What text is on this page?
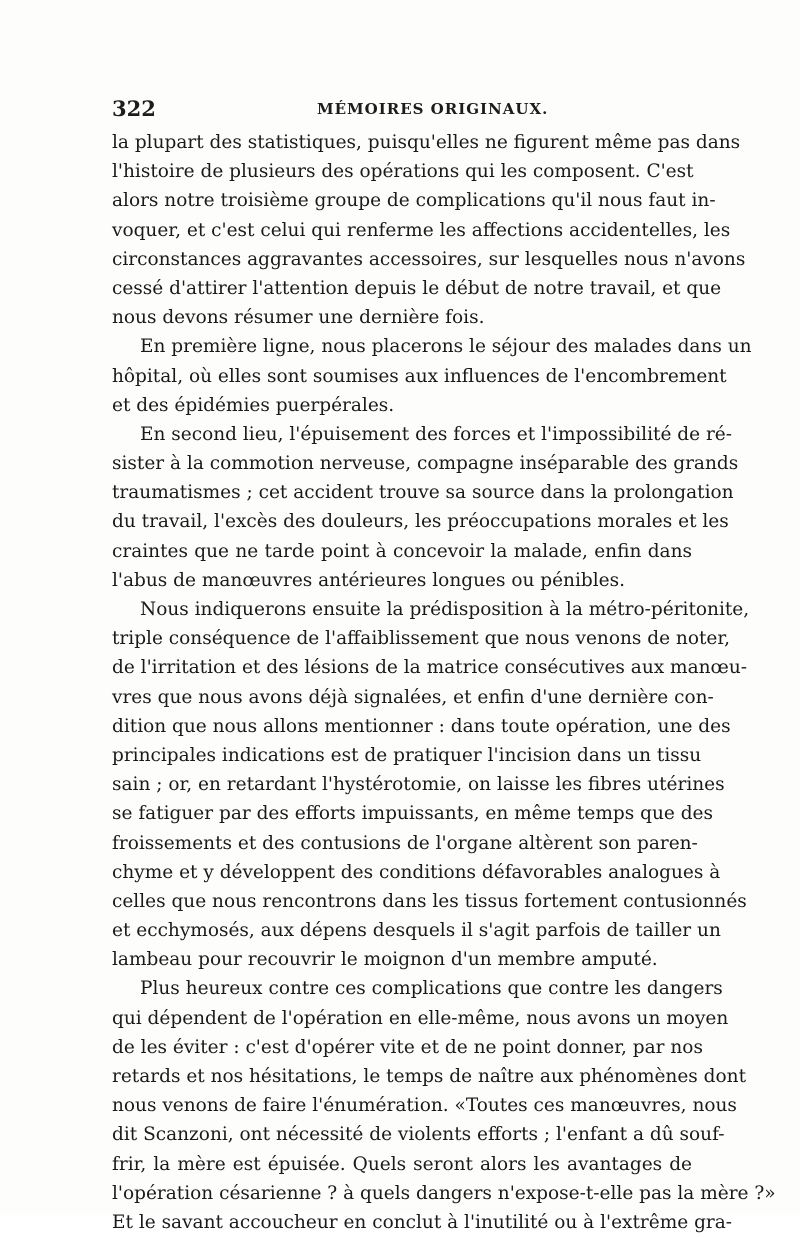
322	MÉMOIRES ORIGINAUX.
la plupart des statistiques, puisqu'elles ne figurent même pas dans
l'histoire de plusieurs des opérations qui les composent. C'est
alors notre troisième groupe de complications qu'il nous faut in-
voquer, et c'est celui qui renferme les affections accidentelles, les
circonstances aggravantes accessoires, sur lesquelles nous n'avons
cessé d'attirer l'attention depuis le début de notre travail, et que
nous devons résumer une dernière fois.
En première ligne, nous placerons le séjour des malades dans un
hôpital, où elles sont soumises aux influences de l'encombrement
et des épidémies puerpérales.
En second lieu, l'épuisement des forces et l'impossibilité de ré-
sister à la commotion nerveuse, compagne inséparable des grands
traumatismes ; cet accident trouve sa source dans la prolongation
du travail, l'excès des douleurs, les préoccupations morales et les
craintes que ne tarde point à concevoir la malade, enfin dans
l'abus de manœuvres antérieures longues ou pénibles.
Nous indiquerons ensuite la prédisposition à la métro-péritonite,
triple conséquence de l'affaiblissement que nous venons de noter,
de l'irritation et des lésions de la matrice consécutives aux manœu-
vres que nous avons déjà signalées, et enfin d'une dernière con-
dition que nous allons mentionner : dans toute opération, une des
principales indications est de pratiquer l'incision dans un tissu
sain ; or, en retardant l'hystérotomie, on laisse les fibres utérines
se fatiguer par des efforts impuissants, en même temps que des
froissements et des contusions de l'organe altèrent son paren-
chyme et y développent des conditions défavorables analogues à
celles que nous rencontrons dans les tissus fortement contusionnés
et ecchymosés, aux dépens desquels il s'agit parfois de tailler un
lambeau pour recouvrir le moignon d'un membre amputé.
Plus heureux contre ces complications que contre les dangers
qui dépendent de l'opération en elle-même, nous avons un moyen
de les éviter : c'est d'opérer vite et de ne point donner, par nos
retards et nos hésitations, le temps de naître aux phénomènes dont
nous venons de faire l'énumération. «Toutes ces manœuvres, nous
dit Scanzoni, ont nécessité de violents efforts ; l'enfant a dû souf-
frir, la mère est épuisée. Quels seront alors les avantages de
l'opération césarienne ? à quels dangers n'expose-t-elle pas la mère ?»
Et le savant accoucheur en conclut à l'inutilité ou à l'extrême gra-
